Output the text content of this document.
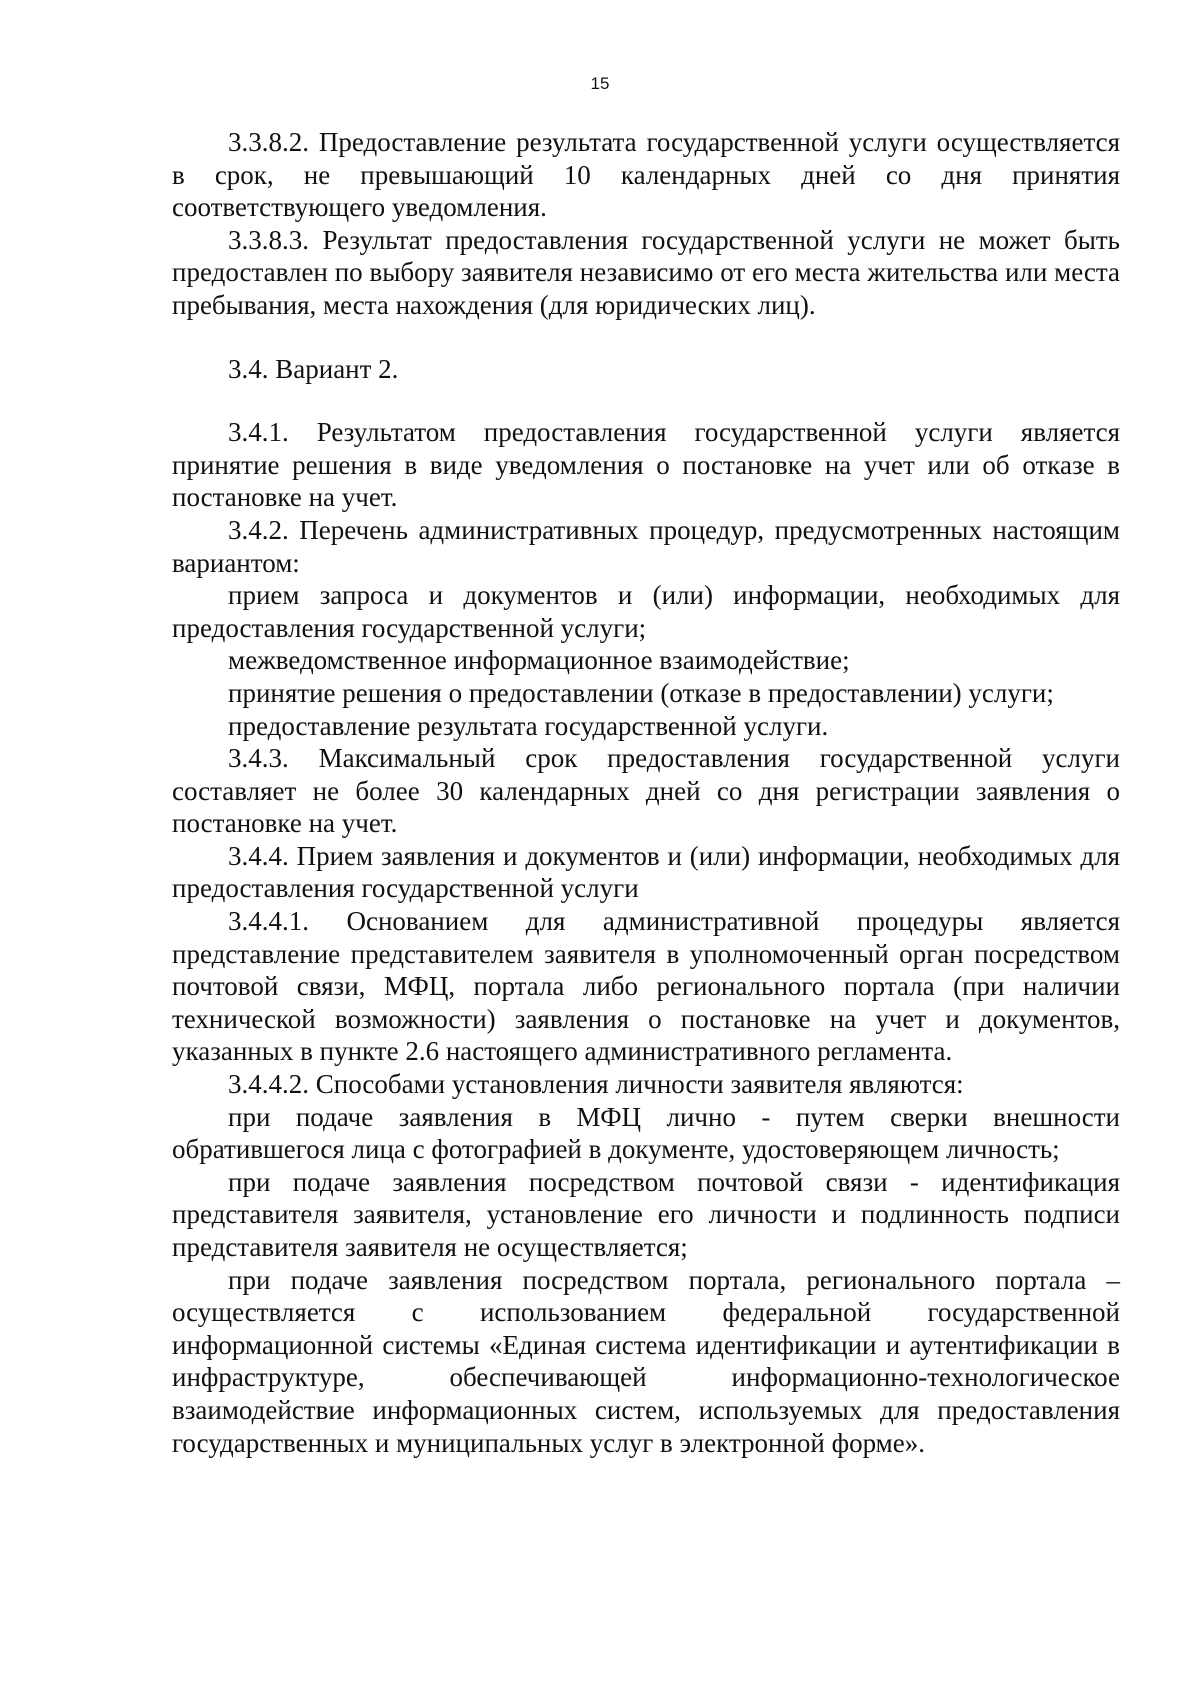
15

3.3.8.2. Предоставление результата государственной услуги осуществляется в срок, не превышающий 10 календарных дней со дня принятия соответствующего уведомления.

3.3.8.3. Результат предоставления государственной услуги не может быть предоставлен по выбору заявителя независимо от его места жительства или места пребывания, места нахождения (для юридических лиц).

3.4. Вариант 2.

3.4.1. Результатом предоставления государственной услуги является принятие решения в виде уведомления о постановке на учет или об отказе в постановке на учет.

3.4.2. Перечень административных процедур, предусмотренных настоящим вариантом:

прием запроса и документов и (или) информации, необходимых для предоставления государственной услуги;

межведомственное информационное взаимодействие;

принятие решения о предоставлении (отказе в предоставлении) услуги;

предоставление результата государственной услуги.

3.4.3. Максимальный срок предоставления государственной услуги составляет не более 30 календарных дней со дня регистрации заявления о постановке на учет.

3.4.4. Прием заявления и документов и (или) информации, необходимых для предоставления государственной услуги

3.4.4.1. Основанием для административной процедуры является представление представителем заявителя в уполномоченный орган посредством почтовой связи, МФЦ, портала либо регионального портала (при наличии технической возможности) заявления о постановке на учет и документов, указанных в пункте 2.6 настоящего административного регламента.

3.4.4.2. Способами установления личности заявителя являются:

при подаче заявления в МФЦ лично - путем сверки внешности обратившегося лица с фотографией в документе, удостоверяющем личность;

при подаче заявления посредством почтовой связи - идентификация представителя заявителя, установление его личности и подлинность подписи представителя заявителя не осуществляется;

при подаче заявления посредством портала, регионального портала – осуществляется с использованием федеральной государственной информационной системы «Единая система идентификации и аутентификации в инфраструктуре, обеспечивающей информационно-технологическое взаимодействие информационных систем, используемых для предоставления государственных и муниципальных услуг в электронной форме».
